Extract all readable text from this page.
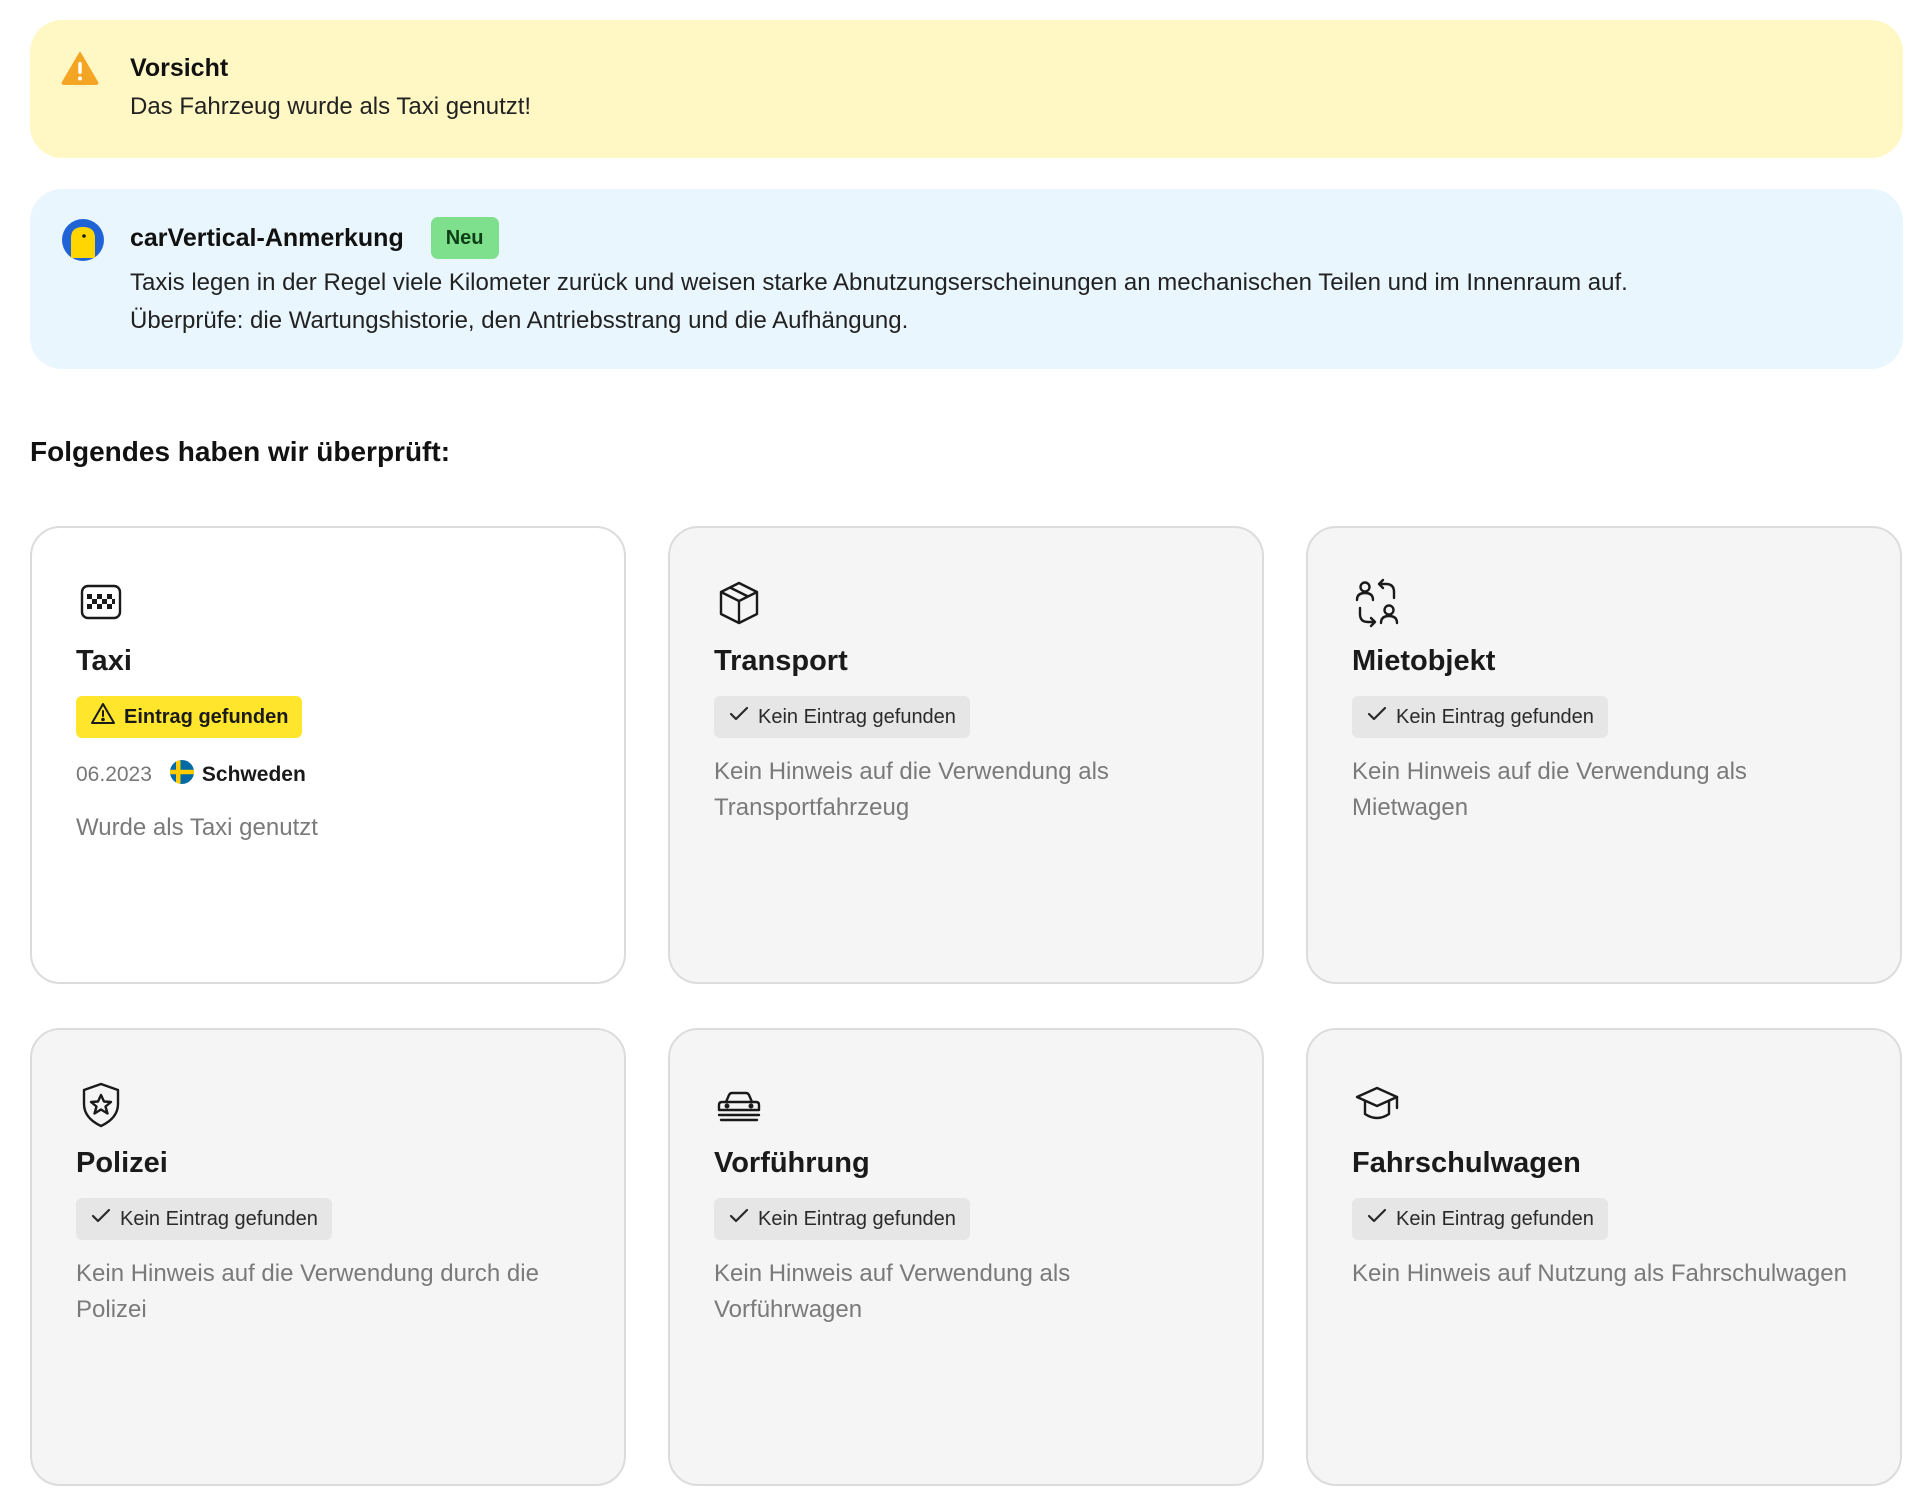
Vorsicht
Das Fahrzeug wurde als Taxi genutzt!
carVertical-Anmerkung	Neu
Taxis legen in der Regel viele Kilometer zurück und weisen starke Abnutzungserscheinungen an mechanischen Teilen und im Innenraum auf.
Überprüfe: die Wartungshistorie, den Antriebsstrang und die Aufhängung.
Folgendes haben wir überprüft:
Taxi
Eintrag gefunden
06.2023 Schweden
Wurde als Taxi genutzt
Transport
Kein Eintrag gefunden
Kein Hinweis auf die Verwendung als Transportfahrzeug
Mietobjekt
Kein Eintrag gefunden
Kein Hinweis auf die Verwendung als Mietwagen
Polizei
Kein Eintrag gefunden
Kein Hinweis auf die Verwendung durch die Polizei
Vorführung
Kein Eintrag gefunden
Kein Hinweis auf Verwendung als Vorführwagen
Fahrschulwagen
Kein Eintrag gefunden
Kein Hinweis auf Nutzung als Fahrschulwagen
